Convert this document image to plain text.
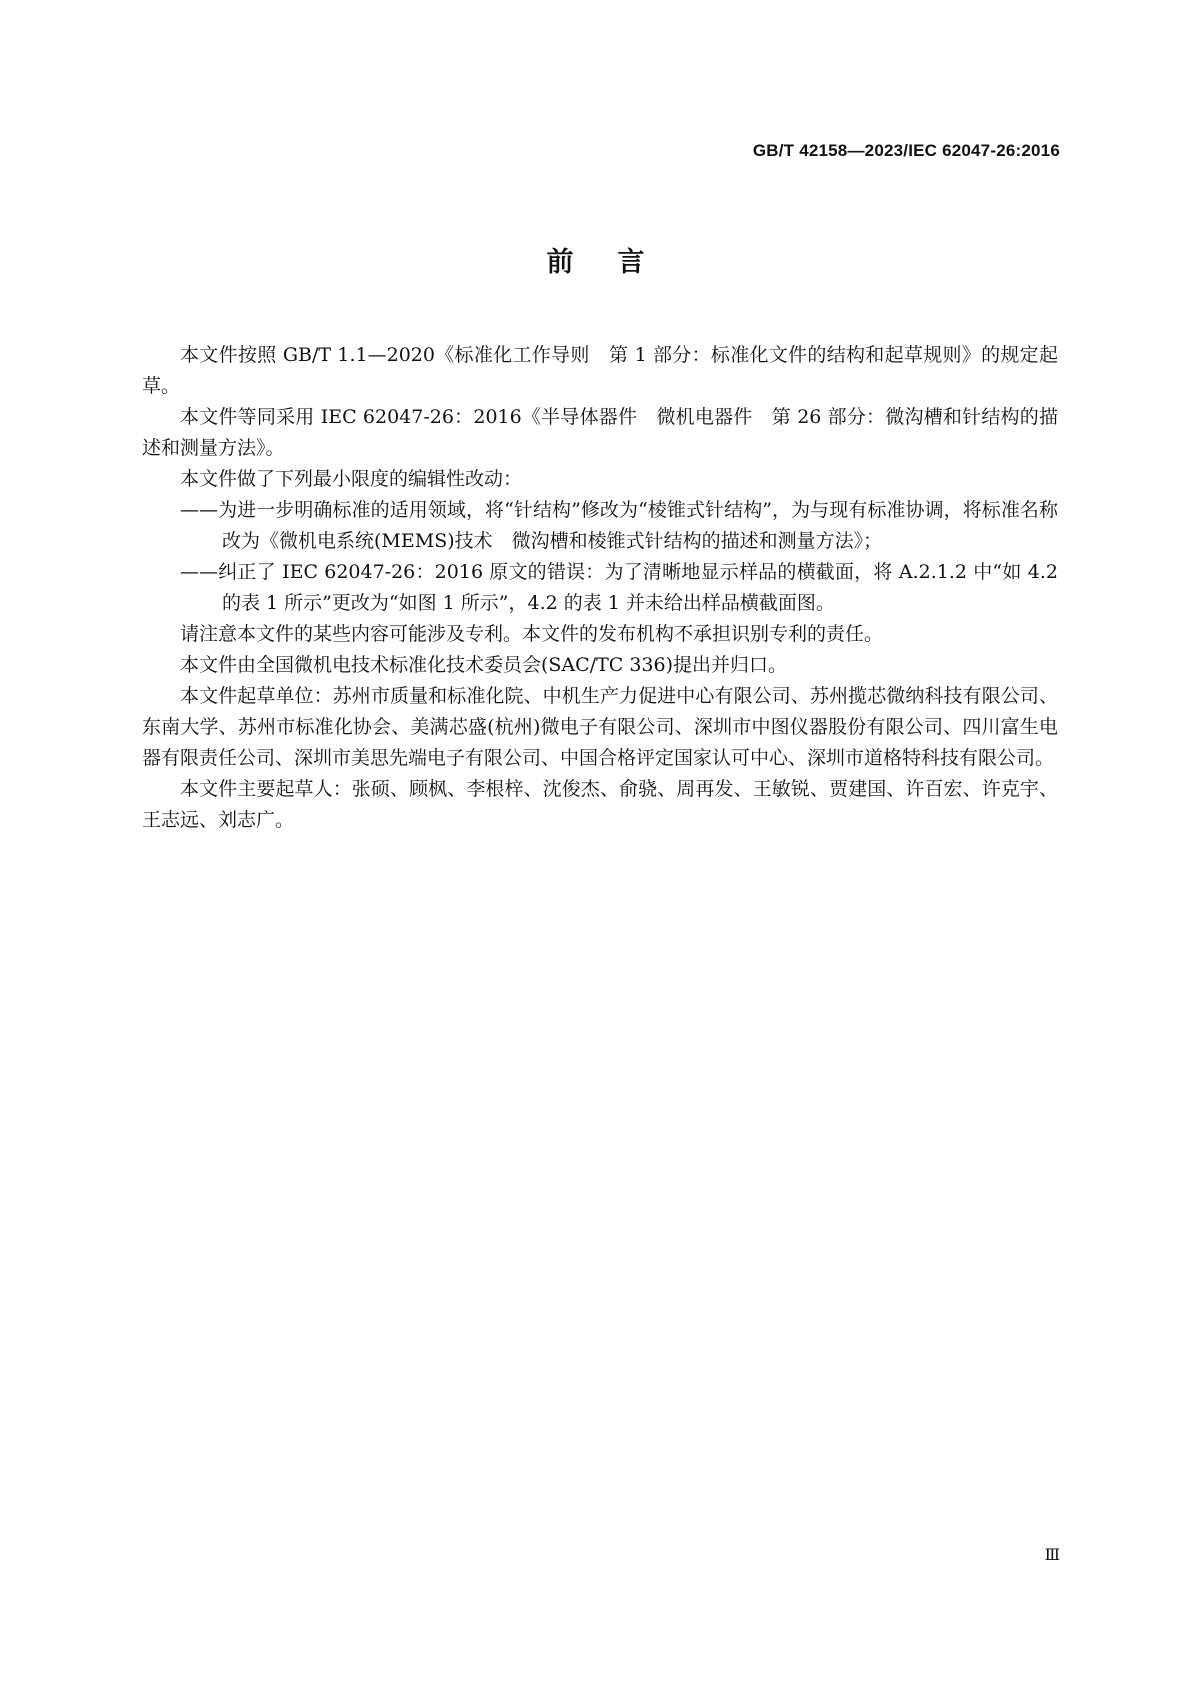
GB/T 42158—2023/IEC 62047-26:2016
前言

本文件按照 GB/T 1.1—2020《标准化工作导则　第 1 部分：标准化文件的结构和起草规则》的规定起草。

本文件等同采用 IEC 62047-26：2016《半导体器件　微机电器件　第 26 部分：微沟槽和针结构的描述和测量方法》。

本文件做了下列最小限度的编辑性改动：

——为进一步明确标准的适用领域，将“针结构”修改为“棱锥式针结构”，为与现有标准协调，将标准名称改为《微机电系统(MEMS)技术　微沟槽和棱锥式针结构的描述和测量方法》；

——纠正了 IEC 62047-26：2016 原文的错误：为了清晰地显示样品的横截面，将 A.2.1.2 中“如 4.2 的表 1 所示”更改为“如图 1 所示”，4.2 的表 1 并未给出样品横截面图。

请注意本文件的某些内容可能涉及专利。本文件的发布机构不承担识别专利的责任。

本文件由全国微机电技术标准化技术委员会(SAC/TC 336)提出并归口。

本文件起草单位：苏州市质量和标准化院、中机生产力促进中心有限公司、苏州揽芯微纳科技有限公司、东南大学、苏州市标准化协会、美满芯盛(杭州)微电子有限公司、深圳市中图仪器股份有限公司、四川富生电器有限责任公司、深圳市美思先端电子有限公司、中国合格评定国家认可中心、深圳市道格特科技有限公司。

本文件主要起草人：张硕、顾枫、李根梓、沈俊杰、俞骁、周再发、王敏锐、贾建国、许百宏、许克宇、王志远、刘志广。

Ⅲ
